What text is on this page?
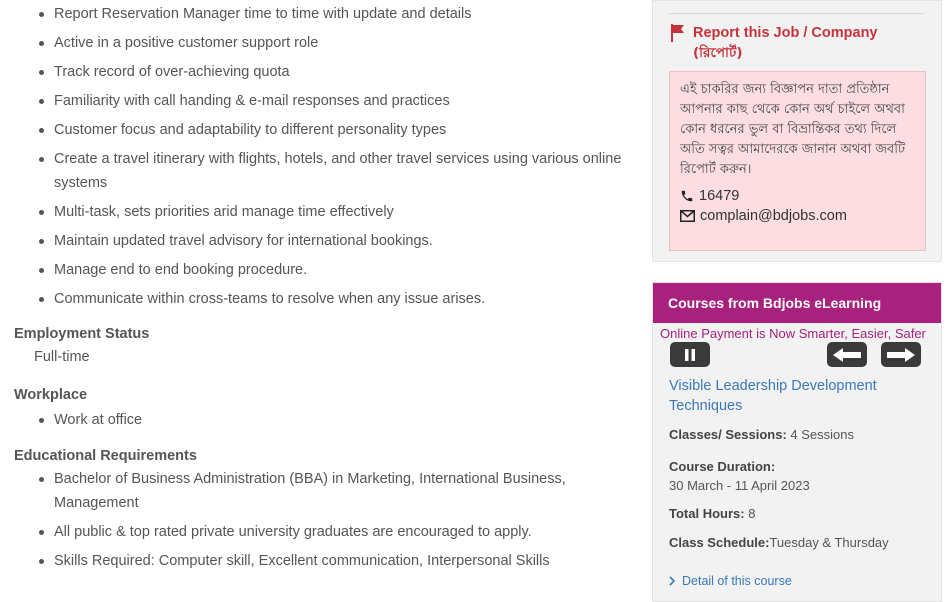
Report Reservation Manager time to time with update and details
Active in a positive customer support role
Track record of over-achieving quota
Familiarity with call handing & e-mail responses and practices
Customer focus and adaptability to different personality types
Create a travel itinerary with flights, hotels, and other travel services using various online systems
Multi-task, sets priorities arid manage time effectively
Maintain updated travel advisory for international bookings.
Manage end to end booking procedure.
Communicate within cross-teams to resolve when any issue arises.
Employment Status
Full-time
Workplace
Work at office
Educational Requirements
Bachelor of Business Administration (BBA) in Marketing, International Business, Management
All public & top rated private university graduates are encouraged to apply.
Skills Required: Computer skill, Excellent communication, Interpersonal Skills
Report this Job / Company
(রিপোর্ট)
এই চাকরির জন্য বিজ্ঞাপন দাতা প্রতিষ্ঠান আপনার কাছ থেকে কোন অর্থ চাইলে অথবা কোন ধরনের ভুল বা বিভ্রান্তিকর তথ্য দিলে অতি সত্বর আমাদেরকে জানান অথবা জবটি রিপোর্ট করুন।
16479
complain@bdjobs.com
Courses from Bdjobs eLearning
Online Payment is Now Smarter, Easier, Safer
Visible Leadership Development Techniques
Classes/ Sessions: 4 Sessions
Course Duration:
30 March - 11 April 2023
Total Hours: 8
Class Schedule:Tuesday & Thursday
Detail of this course
